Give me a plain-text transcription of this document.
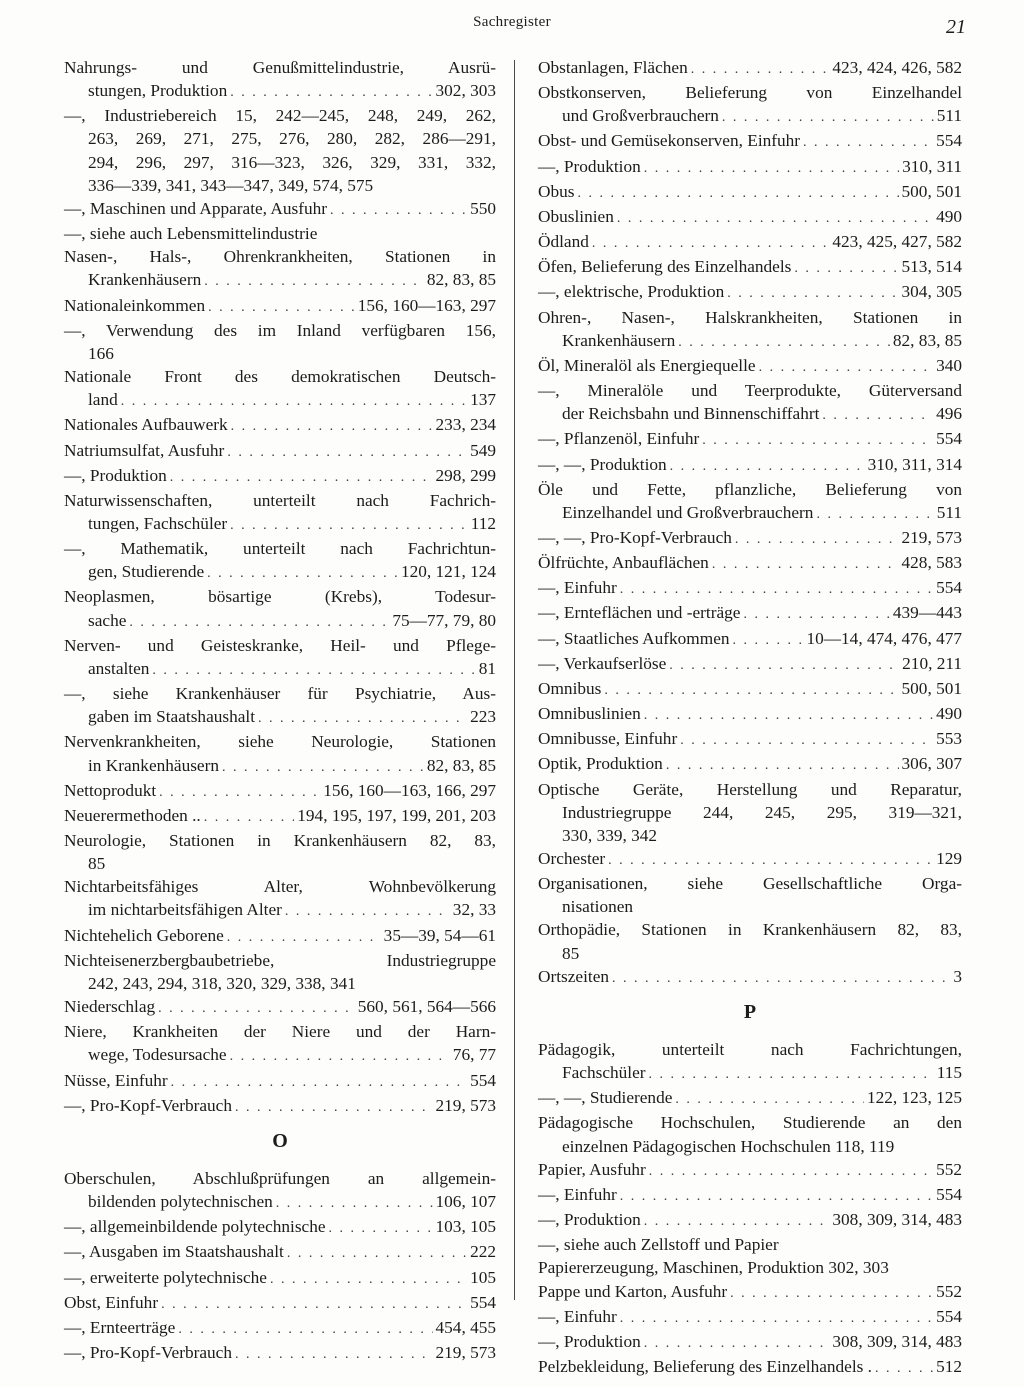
Sachregister	21
Nahrungs- und Genußmittelindustrie, Ausrü-
stungen, Produktion . . .	302, 303
—, Industriebereich 15, 242—245, 248, 249, 262,
263, 269, 271, 275, 276, 280, 282, 286—291,
294, 296, 297, 316—323, 326, 329, 331, 332,
336—339, 341, 343—347, 349, 574, 575
—, Maschinen und Apparate, Ausfuhr . . .	550
—, siehe auch Lebensmittelindustrie
Nasen-, Hals-, Ohrenkrankheiten, Stationen in
Krankenhäusern . . .	82, 83, 85
Nationaleinkommen . . .	156, 160—163, 297
—, Verwendung des im Inland verfügbaren 156,
166
Nationale Front des demokratischen Deutsch-
land . . .	137
Nationales Aufbauwerk . . .	233, 234
Natriumsulfat, Ausfuhr . . .	549
—, Produktion . . .	298, 299
Naturwissenschaften, unterteilt nach Fachrich-
tungen, Fachschüler . . .	112
—, Mathematik, unterteilt nach Fachrichtun-
gen, Studierende . . .	120, 121, 124
Neoplasmen, bösartige (Krebs), Todesur-
sache . . .	75—77, 79, 80
Nerven- und Geisteskranke, Heil- und Pflege-
anstalten . . .	81
—, siehe Krankenhäuser für Psychiatrie, Aus-
gaben im Staatshaushalt . . .	223
Nervenkrankheiten, siehe Neurologie, Stationen
in Krankenhäusern . . .	82, 83, 85
Nettoprodukt . . .	156, 160—163, 166, 297
Neuerermethoden .. . . .	194, 195, 197, 199, 201, 203
Neurologie, Stationen in Krankenhäusern 82, 83,
85
Nichtarbeitsfähiges Alter, Wohnbevölkerung
im nichtarbeitsfähigen Alter . . .	32, 33
Nichtehelich Geborene . . .	35—39, 54—61
Nichteisenerzbergbaubetriebe, Industriegruppe
242, 243, 294, 318, 320, 329, 338, 341
Niederschlag . . .	560, 561, 564—566
Niere, Krankheiten der Niere und der Harn-
wege, Todesursache . . .	76, 77
Nüsse, Einfuhr . . .	554
—, Pro-Kopf-Verbrauch . . .	219, 573
O
Oberschulen, Abschlußprüfungen an allgemein-
bildenden polytechnischen . . .	106, 107
—, allgemeinbildende polytechnische . . .	103, 105
—, Ausgaben im Staatshaushalt . . .	222
—, erweiterte polytechnische . . .	105
Obst, Einfuhr . . .	554
—, Ernteerträge . . .	454, 455
—, Pro-Kopf-Verbrauch . . .	219, 573
Obstanlagen, Flächen . . .	423, 424, 426, 582
Obstkonserven, Belieferung von Einzelhandel
und Großverbrauchern . . .	511
Obst- und Gemüsekonserven, Einfuhr . . .	554
—, Produktion . . .	310, 311
Obus . . .	500, 501
Obuslinien . . .	490
Ödland . . .	423, 425, 427, 582
Öfen, Belieferung des Einzelhandels . . .	513, 514
—, elektrische, Produktion . . .	304, 305
Ohren-, Nasen-, Halskrankheiten, Stationen in
Krankenhäusern . . .	82, 83, 85
Öl, Mineralöl als Energiequelle . . .	340
—, Mineralöle und Teerprodukte, Güterversand
der Reichsbahn und Binnenschiffahrt . . .	496
—, Pflanzenöl, Einfuhr . . .	554
—, —, Produktion . . .	310, 311, 314
Öle und Fette, pflanzliche, Belieferung von
Einzelhandel und Großverbrauchern . . .	511
—, —, Pro-Kopf-Verbrauch . . .	219, 573
Ölfrüchte, Anbauflächen . . .	428, 583
—, Einfuhr . . .	554
—, Ernteflächen und -erträge . . .	439—443
—, Staatliches Aufkommen . . .	10—14, 474, 476, 477
—, Verkaufserlöse . . .	210, 211
Omnibus . . .	500, 501
Omnibuslinien . . .	490
Omnibusse, Einfuhr . . .	553
Optik, Produktion . . .	306, 307
Optische Geräte, Herstellung und Reparatur,
Industriegruppe 244, 245, 295, 319—321,
330, 339, 342
Orchester . . .	129
Organisationen, siehe Gesellschaftliche Orga-
nisationen
Orthopädie, Stationen in Krankenhäusern 82, 83,
85
Ortszeiten . . .	3
P
Pädagogik, unterteilt nach Fachrichtungen,
Fachschüler . . .	115
—, —, Studierende . . .	122, 123, 125
Pädagogische Hochschulen, Studierende an den
einzelnen Pädagogischen Hochschulen 118, 119
Papier, Ausfuhr . . .	552
—, Einfuhr . . .	554
—, Produktion . . .	308, 309, 314, 483
—, siehe auch Zellstoff und Papier
Papiererzeugung, Maschinen, Produktion 302, 303
Pappe und Karton, Ausfuhr . . .	552
—, Einfuhr . . .	554
—, Produktion . . .	308, 309, 314, 483
Pelzbekleidung, Belieferung des Einzelhandels . . . .	512
